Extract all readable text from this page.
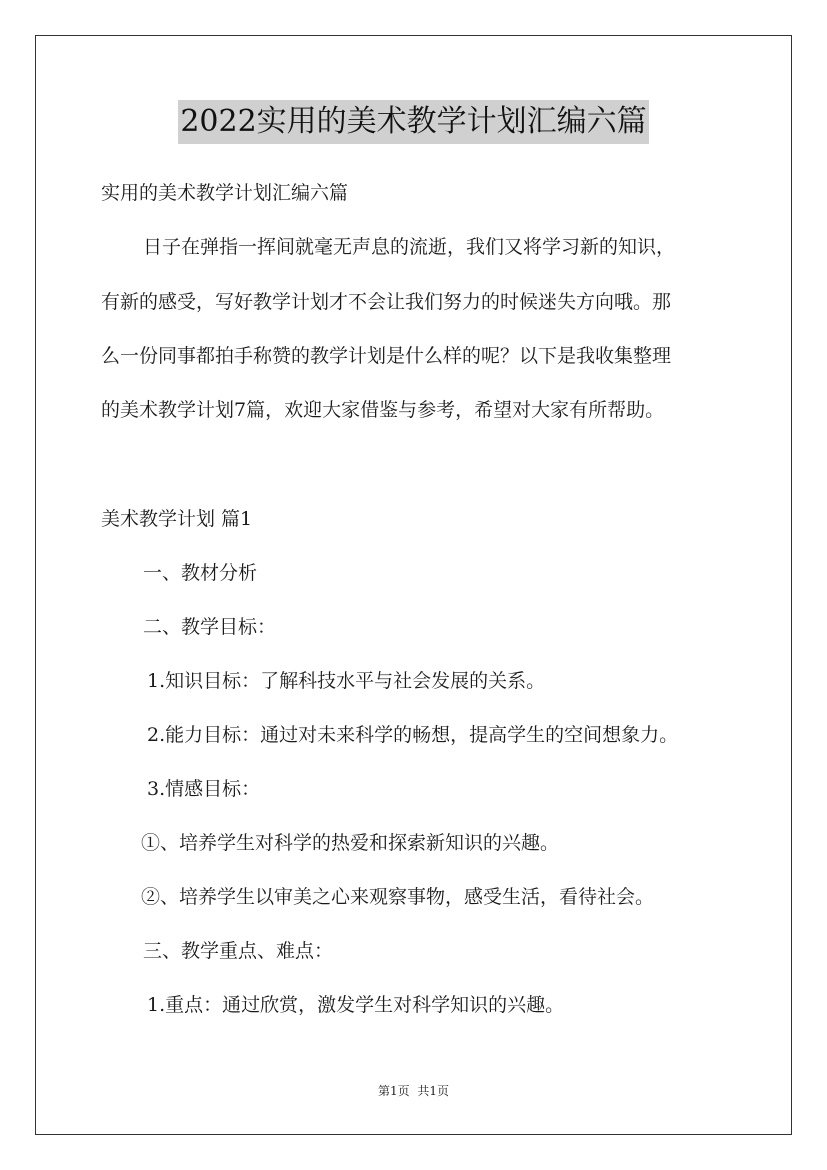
2022实用的美术教学计划汇编六篇
实用的美术教学计划汇编六篇
日子在弹指一挥间就毫无声息的流逝，我们又将学习新的知识，
有新的感受，写好教学计划才不会让我们努力的时候迷失方向哦。那
么一份同事都拍手称赞的教学计划是什么样的呢？以下是我收集整理
的美术教学计划7篇，欢迎大家借鉴与参考，希望对大家有所帮助。
美术教学计划 篇1
一、教材分析
二、教学目标：
1.知识目标：了解科技水平与社会发展的关系。
2.能力目标：通过对未来科学的畅想，提高学生的空间想象力。
3.情感目标：
①、培养学生对科学的热爱和探索新知识的兴趣。
②、培养学生以审美之心来观察事物，感受生活，看待社会。
三、教学重点、难点：
1.重点：通过欣赏，激发学生对科学知识的兴趣。
第1页 共1页
